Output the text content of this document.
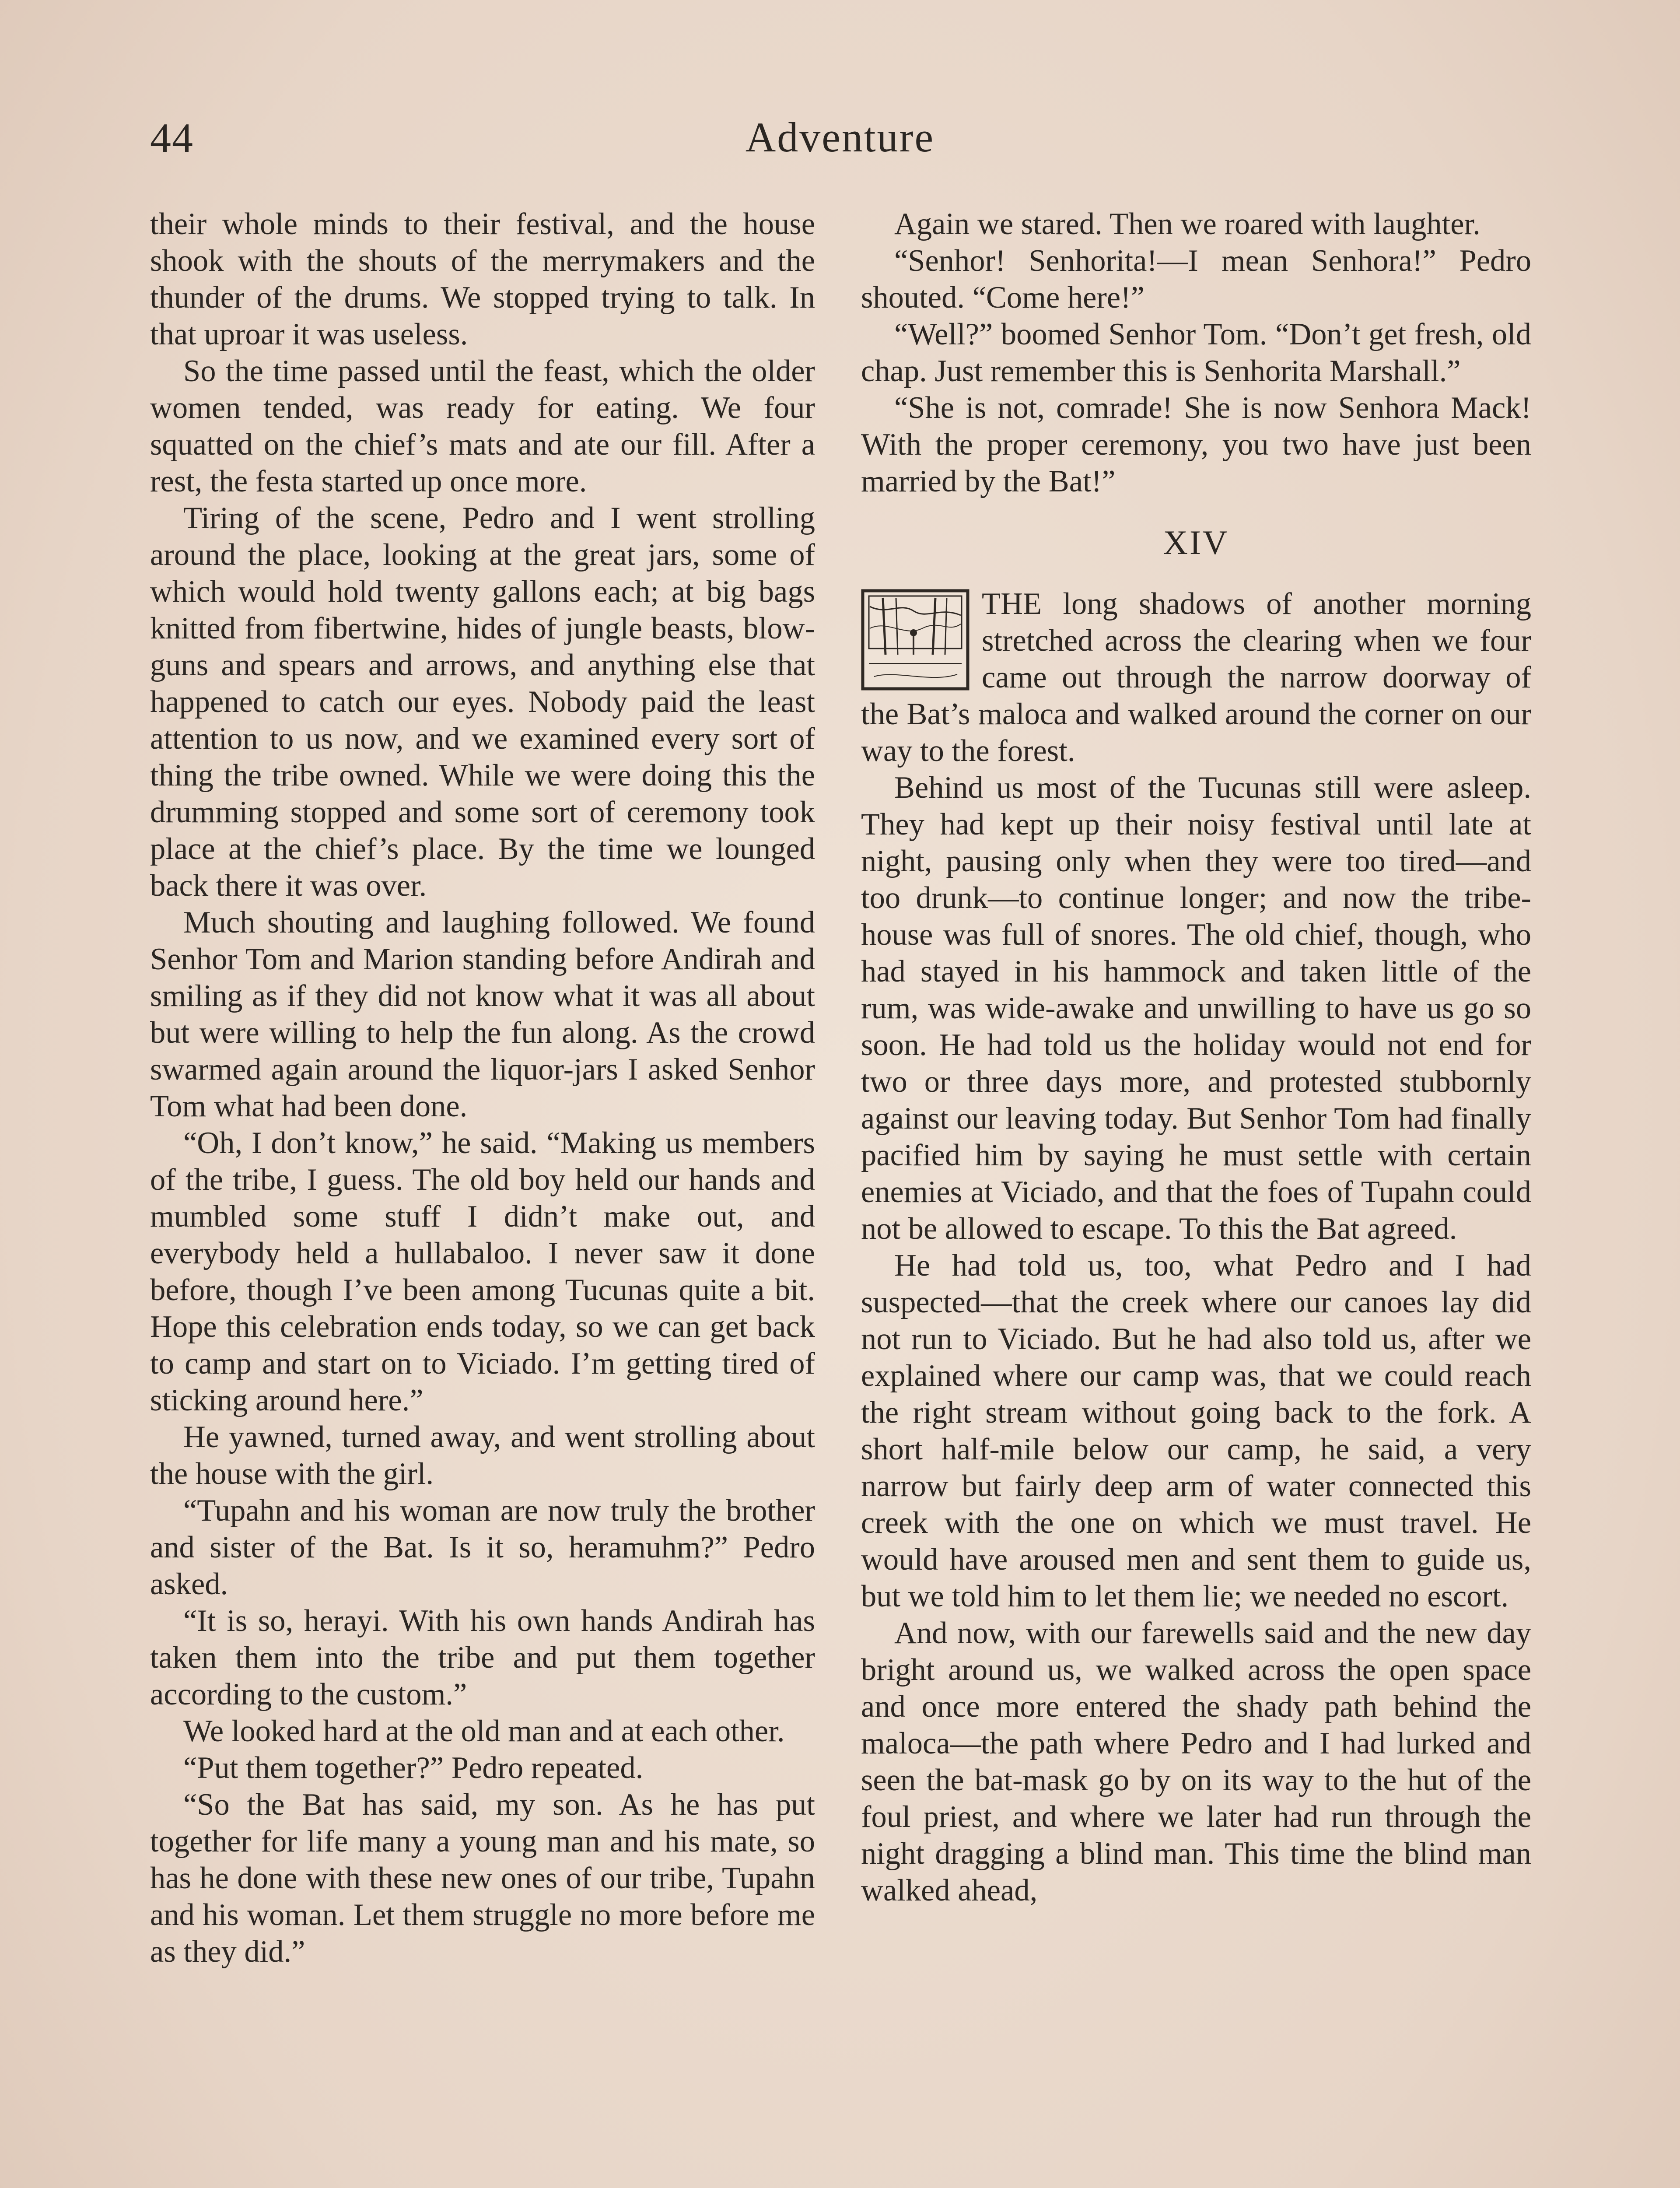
44	Adventure

their whole minds to their festival, and the house shook with the shouts of the merrymakers and the thunder of the drums. We stopped trying to talk. In that uproar it was useless.

So the time passed until the feast, which the older women tended, was ready for eating. We four squatted on the chief’s mats and ate our fill. After a rest, the festa started up once more.

Tiring of the scene, Pedro and I went strolling around the place, looking at the great jars, some of which would hold twenty gallons each; at big bags knitted from fibertwine, hides of jungle beasts, blow-guns and spears and arrows, and anything else that happened to catch our eyes. Nobody paid the least attention to us now, and we examined every sort of thing the tribe owned. While we were doing this the drumming stopped and some sort of ceremony took place at the chief’s place. By the time we lounged back there it was over.

Much shouting and laughing followed. We found Senhor Tom and Marion standing before Andirah and smiling as if they did not know what it was all about but were willing to help the fun along. As the crowd swarmed again around the liquor-jars I asked Senhor Tom what had been done.

“Oh, I don’t know,” he said. “Making us members of the tribe, I guess. The old boy held our hands and mumbled some stuff I didn’t make out, and everybody held a hullabaloo. I never saw it done before, though I’ve been among Tucunas quite a bit. Hope this celebration ends today, so we can get back to camp and start on to Viciado. I’m getting tired of sticking around here.”

He yawned, turned away, and went strolling about the house with the girl.

“Tupahn and his woman are now truly the brother and sister of the Bat. Is it so, heramuhm?” Pedro asked.

“It is so, herayi. With his own hands Andirah has taken them into the tribe and put them together according to the custom.”

We looked hard at the old man and at each other.

“Put them together?” Pedro repeated.

“So the Bat has said, my son. As he has put together for life many a young man and his mate, so has he done with these new ones of our tribe, Tupahn and his woman. Let them struggle no more before me as they did.”

Again we stared. Then we roared with laughter.

“Senhor! Senhorita!—I mean Senhora!” Pedro shouted. “Come here!”

“Well?” boomed Senhor Tom. “Don’t get fresh, old chap. Just remember this is Senhorita Marshall.”

“She is not, comrade! She is now Senhora Mack! With the proper ceremony, you two have just been married by the Bat!”

XIV

THE long shadows of another morning stretched across the clearing when we four came out through the narrow doorway of the Bat’s maloca and walked around the corner on our way to the forest.

Behind us most of the Tucunas still were asleep. They had kept up their noisy festival until late at night, pausing only when they were too tired—and too drunk—to continue longer; and now the tribe-house was full of snores. The old chief, though, who had stayed in his hammock and taken little of the rum, was wide-awake and unwilling to have us go so soon. He had told us the holiday would not end for two or three days more, and protested stubbornly against our leaving today. But Senhor Tom had finally pacified him by saying he must settle with certain enemies at Viciado, and that the foes of Tupahn could not be allowed to escape. To this the Bat agreed.

He had told us, too, what Pedro and I had suspected—that the creek where our canoes lay did not run to Viciado. But he had also told us, after we explained where our camp was, that we could reach the right stream without going back to the fork. A short half-mile below our camp, he said, a very narrow but fairly deep arm of water connected this creek with the one on which we must travel. He would have aroused men and sent them to guide us, but we told him to let them lie; we needed no escort.

And now, with our farewells said and the new day bright around us, we walked across the open space and once more entered the shady path behind the maloca—the path where Pedro and I had lurked and seen the bat-mask go by on its way to the hut of the foul priest, and where we later had run through the night dragging a blind man. This time the blind man walked ahead,
